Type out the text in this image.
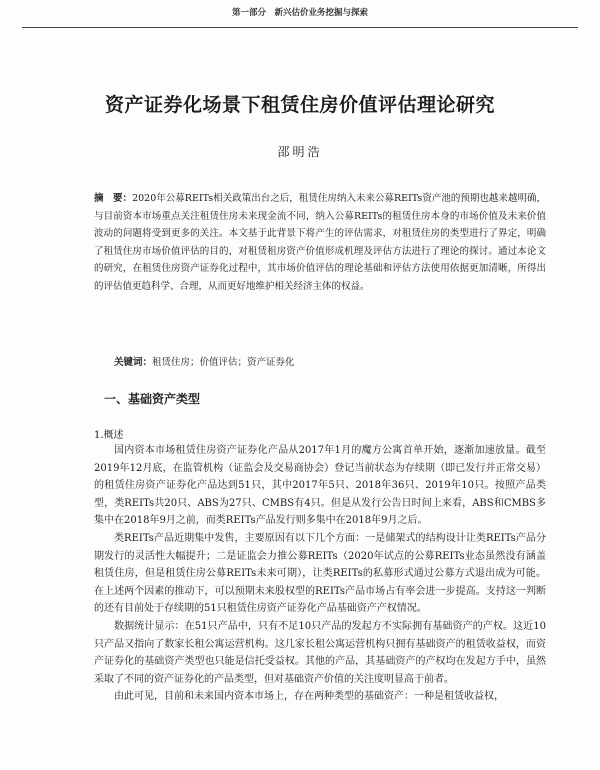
第一部分　新兴估价业务挖掘与探索
资产证券化场景下租赁住房价值评估理论研究
邵明浩

摘　要：2020年公募REITs相关政策出台之后，租赁住房纳入未来公募REITs资产池的预期也越来越明确，与目前资本市场重点关注租赁住房未来现金流不同，纳入公募REITs的租赁住房本身的市场价值及未来价值波动的问题将受到更多的关注。本文基于此背景下将产生的评估需求，对租赁住房的类型进行了界定，明确了租赁住房市场价值评估的目的，对租赁租房资产价值形成机理及评估方法进行了理论的探讨。通过本论文的研究，在租赁住房资产证券化过程中，其市场价值评估的理论基础和评估方法使用依据更加清晰，所得出的评估值更趋科学、合理，从而更好地维护相关经济主体的权益。

关键词：租赁住房；价值评估；资产证券化
一、基础资产类型
1.概述

国内资本市场租赁住房资产证券化产品从2017年1月的魔方公寓首单开始，逐渐加速放量。截至2019年12月底，在监管机构（证监会及交易商协会）登记当前状态为存续期（即已发行并正常交易）的租赁住房资产证券化产品达到51只，其中2017年5只、2018年36只、2019年10只。按照产品类型，类REITs共20只、ABS为27只、CMBS有4只。但是从发行公告日时间上来看，ABS和CMBS多集中在2018年9月之前，而类REITs产品发行则多集中在2018年9月之后。

类REITs产品近期集中发售，主要原因有以下几个方面：一是储架式的结构设计让类REITs产品分期发行的灵活性大幅提升；二是证监会力推公募REITs（2020年试点的公募REITs业态虽然没有涵盖租赁住房，但是租赁住房公募REITs未来可期），让类REITs的私募形式通过公募方式退出成为可能。在上述两个因素的推动下，可以预期未来股权型的REITs产品市场占有率会进一步提高。支持这一判断的还有目前处于存续期的51只租赁住房资产证券化产品基础资产产权情况。

数据统计显示：在51只产品中，只有不足10只产品的发起方不实际拥有基础资产的产权。这近10只产品又指向了数家长租公寓运营机构。这几家长租公寓运营机构只拥有基础资产的租赁收益权，而资产证券化的基础资产类型也只能是信托受益权。其他的产品，其基础资产的产权均在发起方手中，虽然采取了不同的资产证券化的产品类型，但对基础资产价值的关注度明显高于前者。

由此可见，目前和未来国内资本市场上，存在两种类型的基础资产：一种是租赁收益权，
